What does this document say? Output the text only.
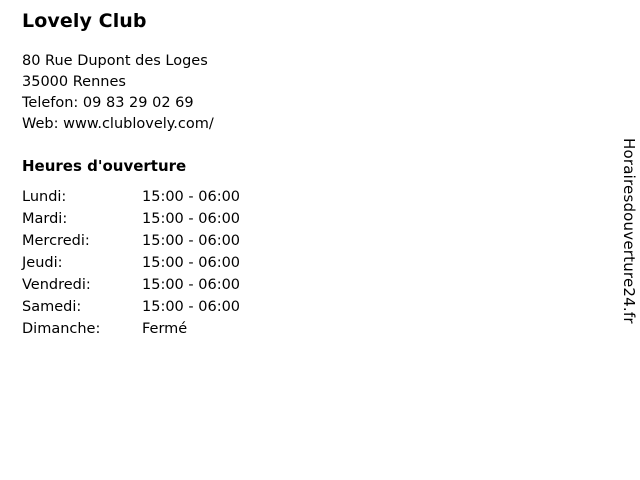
Lovely Club
80 Rue Dupont des Loges
35000 Rennes
Telefon: 09 83 29 02 69
Web: www.clublovely.com/
Heures d'ouverture
Lundi:	15:00 - 06:00
Mardi:	15:00 - 06:00
Mercredi:	15:00 - 06:00
Jeudi:	15:00 - 06:00
Vendredi:	15:00 - 06:00
Samedi:	15:00 - 06:00
Dimanche:	Fermé
Horairesdouverture24.fr
